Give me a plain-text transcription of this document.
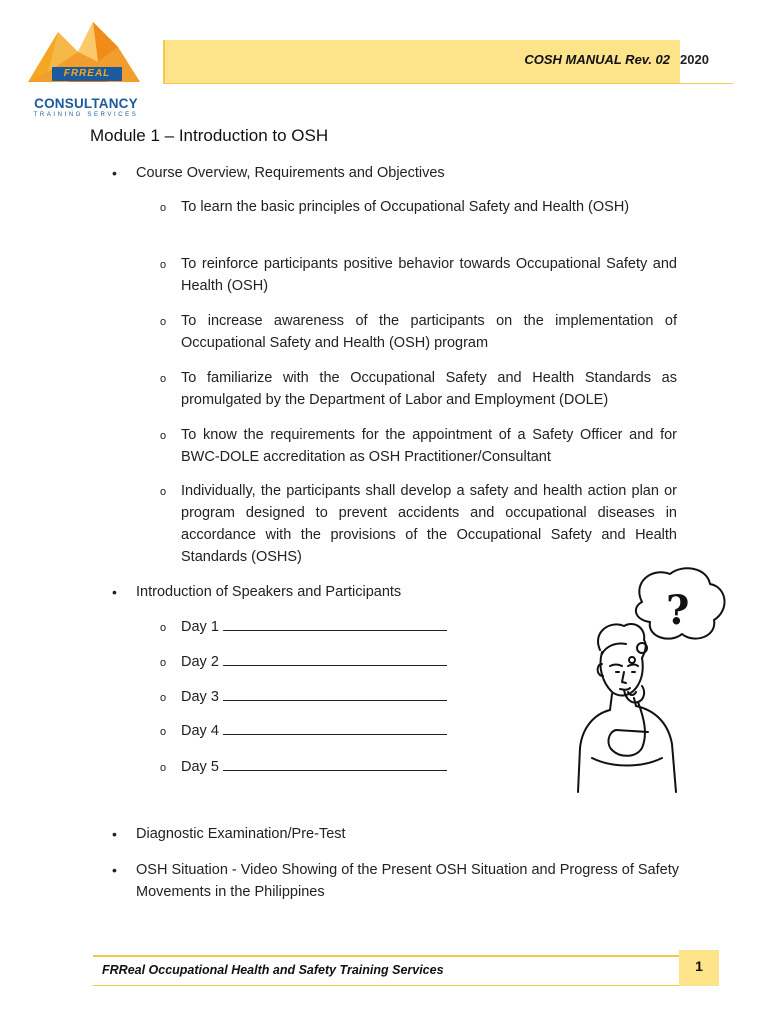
FRREAL
CONSULTANCY
TRAINING SERVICES
COSH MANUAL Rev. 02 2020
Module 1 – Introduction to OSH
• Course Overview, Requirements and Objectives
o To learn the basic principles of Occupational Safety and Health (OSH)
o To reinforce participants positive behavior towards Occupational Safety and Health (OSH)
o To increase awareness of the participants on the implementation of Occupational Safety and Health (OSH) program
o To familiarize with the Occupational Safety and Health Standards as promulgated by the Department of Labor and Employment (DOLE)
o To know the requirements for the appointment of a Safety Officer and for BWC-DOLE accreditation as OSH Practitioner/Consultant
o Individually, the participants shall develop a safety and health action plan or program designed to prevent accidents and occupational diseases in accordance with the provisions of the Occupational Safety and Health Standards (OSHS)
• Introduction of Speakers and Participants
o Day 1
o Day 2
o Day 3
o Day 4
o Day 5
?
• Diagnostic Examination/Pre-Test
• OSH Situation - Video Showing of the Present OSH Situation and Progress of Safety Movements in the Philippines
FRReal Occupational Health and Safety Training Services	1
